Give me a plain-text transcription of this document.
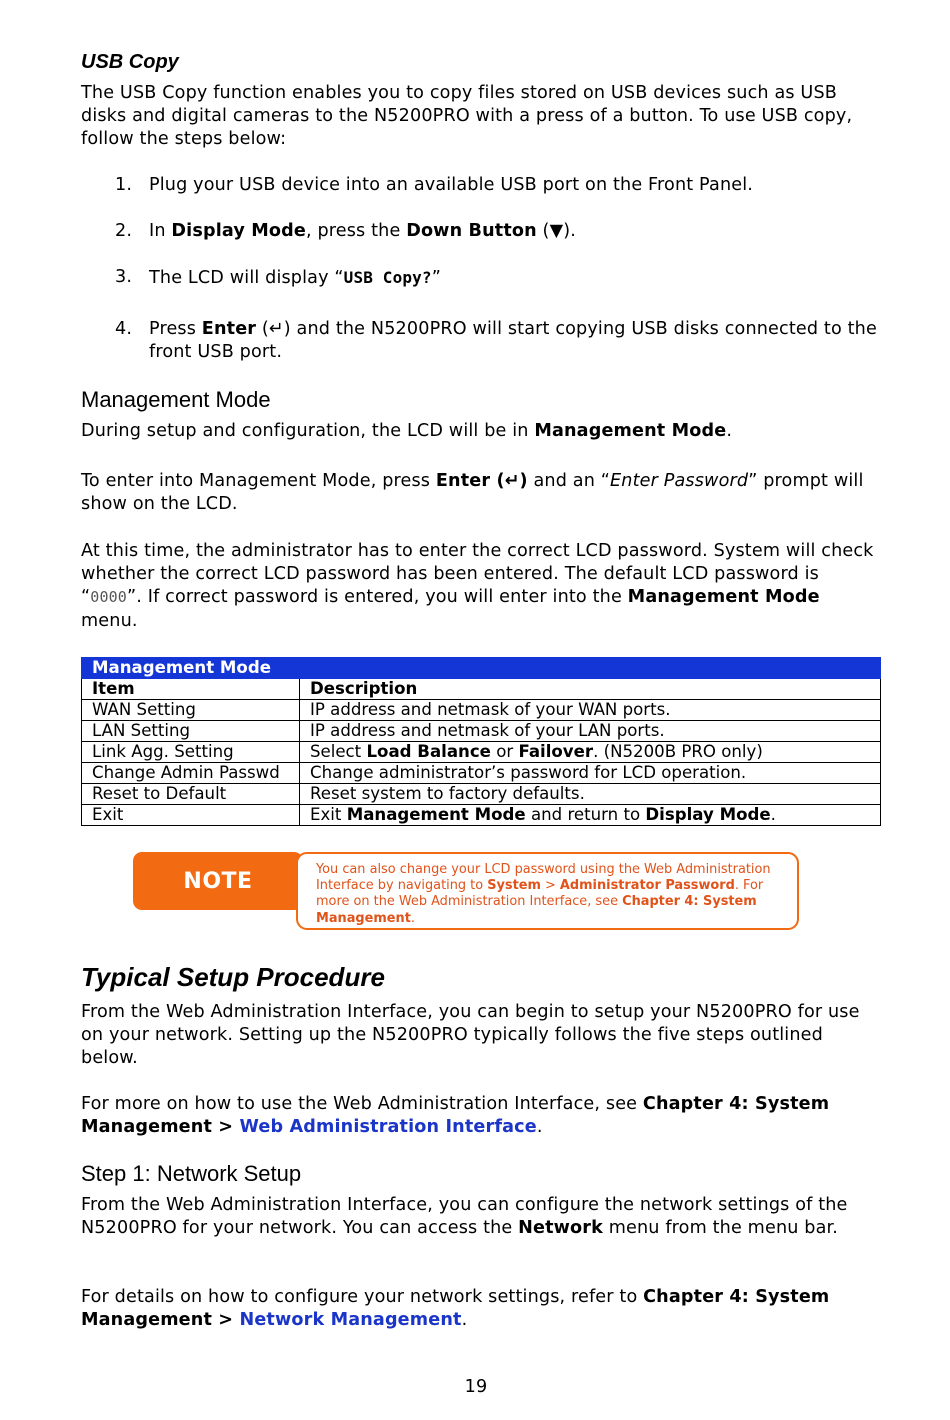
USB Copy
The USB Copy function enables you to copy files stored on USB devices such as USB disks and digital cameras to the N5200PRO with a press of a button. To use USB copy, follow the steps below:
1. Plug your USB device into an available USB port on the Front Panel.
2. In Display Mode, press the Down Button (▼).
3. The LCD will display “USB Copy?”
4. Press Enter (↵) and the N5200PRO will start copying USB disks connected to the front USB port.
Management Mode
During setup and configuration, the LCD will be in Management Mode.
To enter into Management Mode, press Enter (↵) and an “Enter Password” prompt will show on the LCD.
At this time, the administrator has to enter the correct LCD password. System will check whether the correct LCD password has been entered. The default LCD password is “0000”. If correct password is entered, you will enter into the Management Mode menu.
Management Mode	
Item	Description
WAN Setting	IP address and netmask of your WAN ports.
LAN Setting	IP address and netmask of your LAN ports.
Link Agg. Setting	Select Load Balance or Failover. (N5200B PRO only)
Change Admin Passwd	Change administrator’s password for LCD operation.
Reset to Default	Reset system to factory defaults.
Exit	Exit Management Mode and return to Display Mode.
NOTE	You can also change your LCD password using the Web Administration Interface by navigating to System > Administrator Password. For more on the Web Administration Interface, see Chapter 4: System Management.
Typical Setup Procedure
From the Web Administration Interface, you can begin to setup your N5200PRO for use on your network. Setting up the N5200PRO typically follows the five steps outlined below.
For more on how to use the Web Administration Interface, see Chapter 4: System Management > Web Administration Interface.
Step 1: Network Setup
From the Web Administration Interface, you can configure the network settings of the N5200PRO for your network. You can access the Network menu from the menu bar.
For details on how to configure your network settings, refer to Chapter 4: System Management > Network Management.
19
